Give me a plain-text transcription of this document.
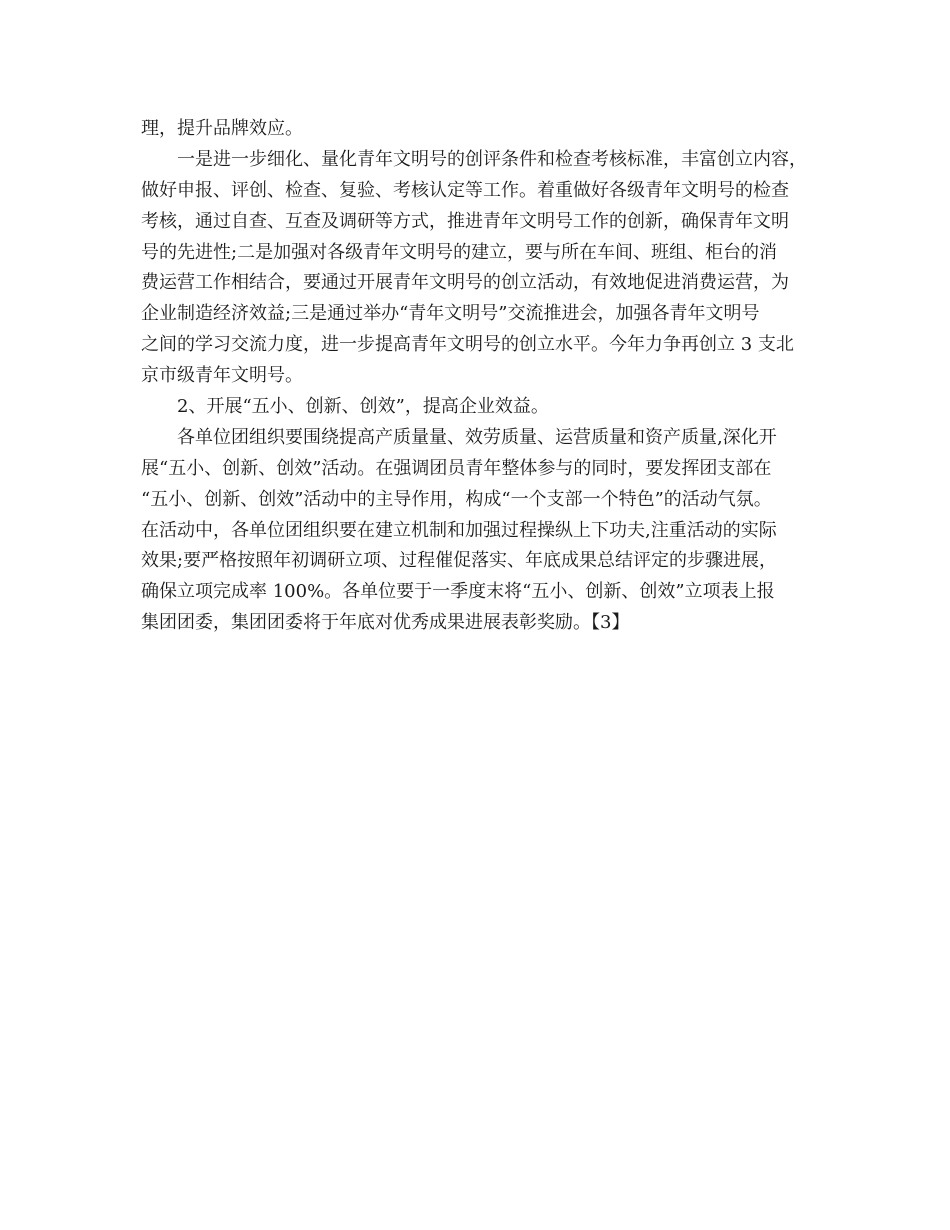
理，提升品牌效应。
一是进一步细化、量化青年文明号的创评条件和检查考核标准，丰富创立内容，
做好申报、评创、检查、复验、考核认定等工作。着重做好各级青年文明号的检查
考核，通过自查、互查及调研等方式，推进青年文明号工作的创新，确保青年文明
号的先进性;二是加强对各级青年文明号的建立，要与所在车间、班组、柜台的消
费运营工作相结合，要通过开展青年文明号的创立活动，有效地促进消费运营，为
企业制造经济效益;三是通过举办“青年文明号”交流推进会，加强各青年文明号
之间的学习交流力度，进一步提高青年文明号的创立水平。今年力争再创立 3 支北
京市级青年文明号。
2、开展“五小、创新、创效”，提高企业效益。
各单位团组织要围绕提高产质量量、效劳质量、运营质量和资产质量,深化开
展“五小、创新、创效”活动。在强调团员青年整体参与的同时，要发挥团支部在
“五小、创新、创效”活动中的主导作用，构成“一个支部一个特色”的活动气氛。
在活动中，各单位团组织要在建立机制和加强过程操纵上下功夫,注重活动的实际
效果;要严格按照年初调研立项、过程催促落实、年底成果总结评定的步骤进展，
确保立项完成率 100%。各单位要于一季度末将“五小、创新、创效”立项表上报
集团团委，集团团委将于年底对优秀成果进展表彰奖励。【3】
